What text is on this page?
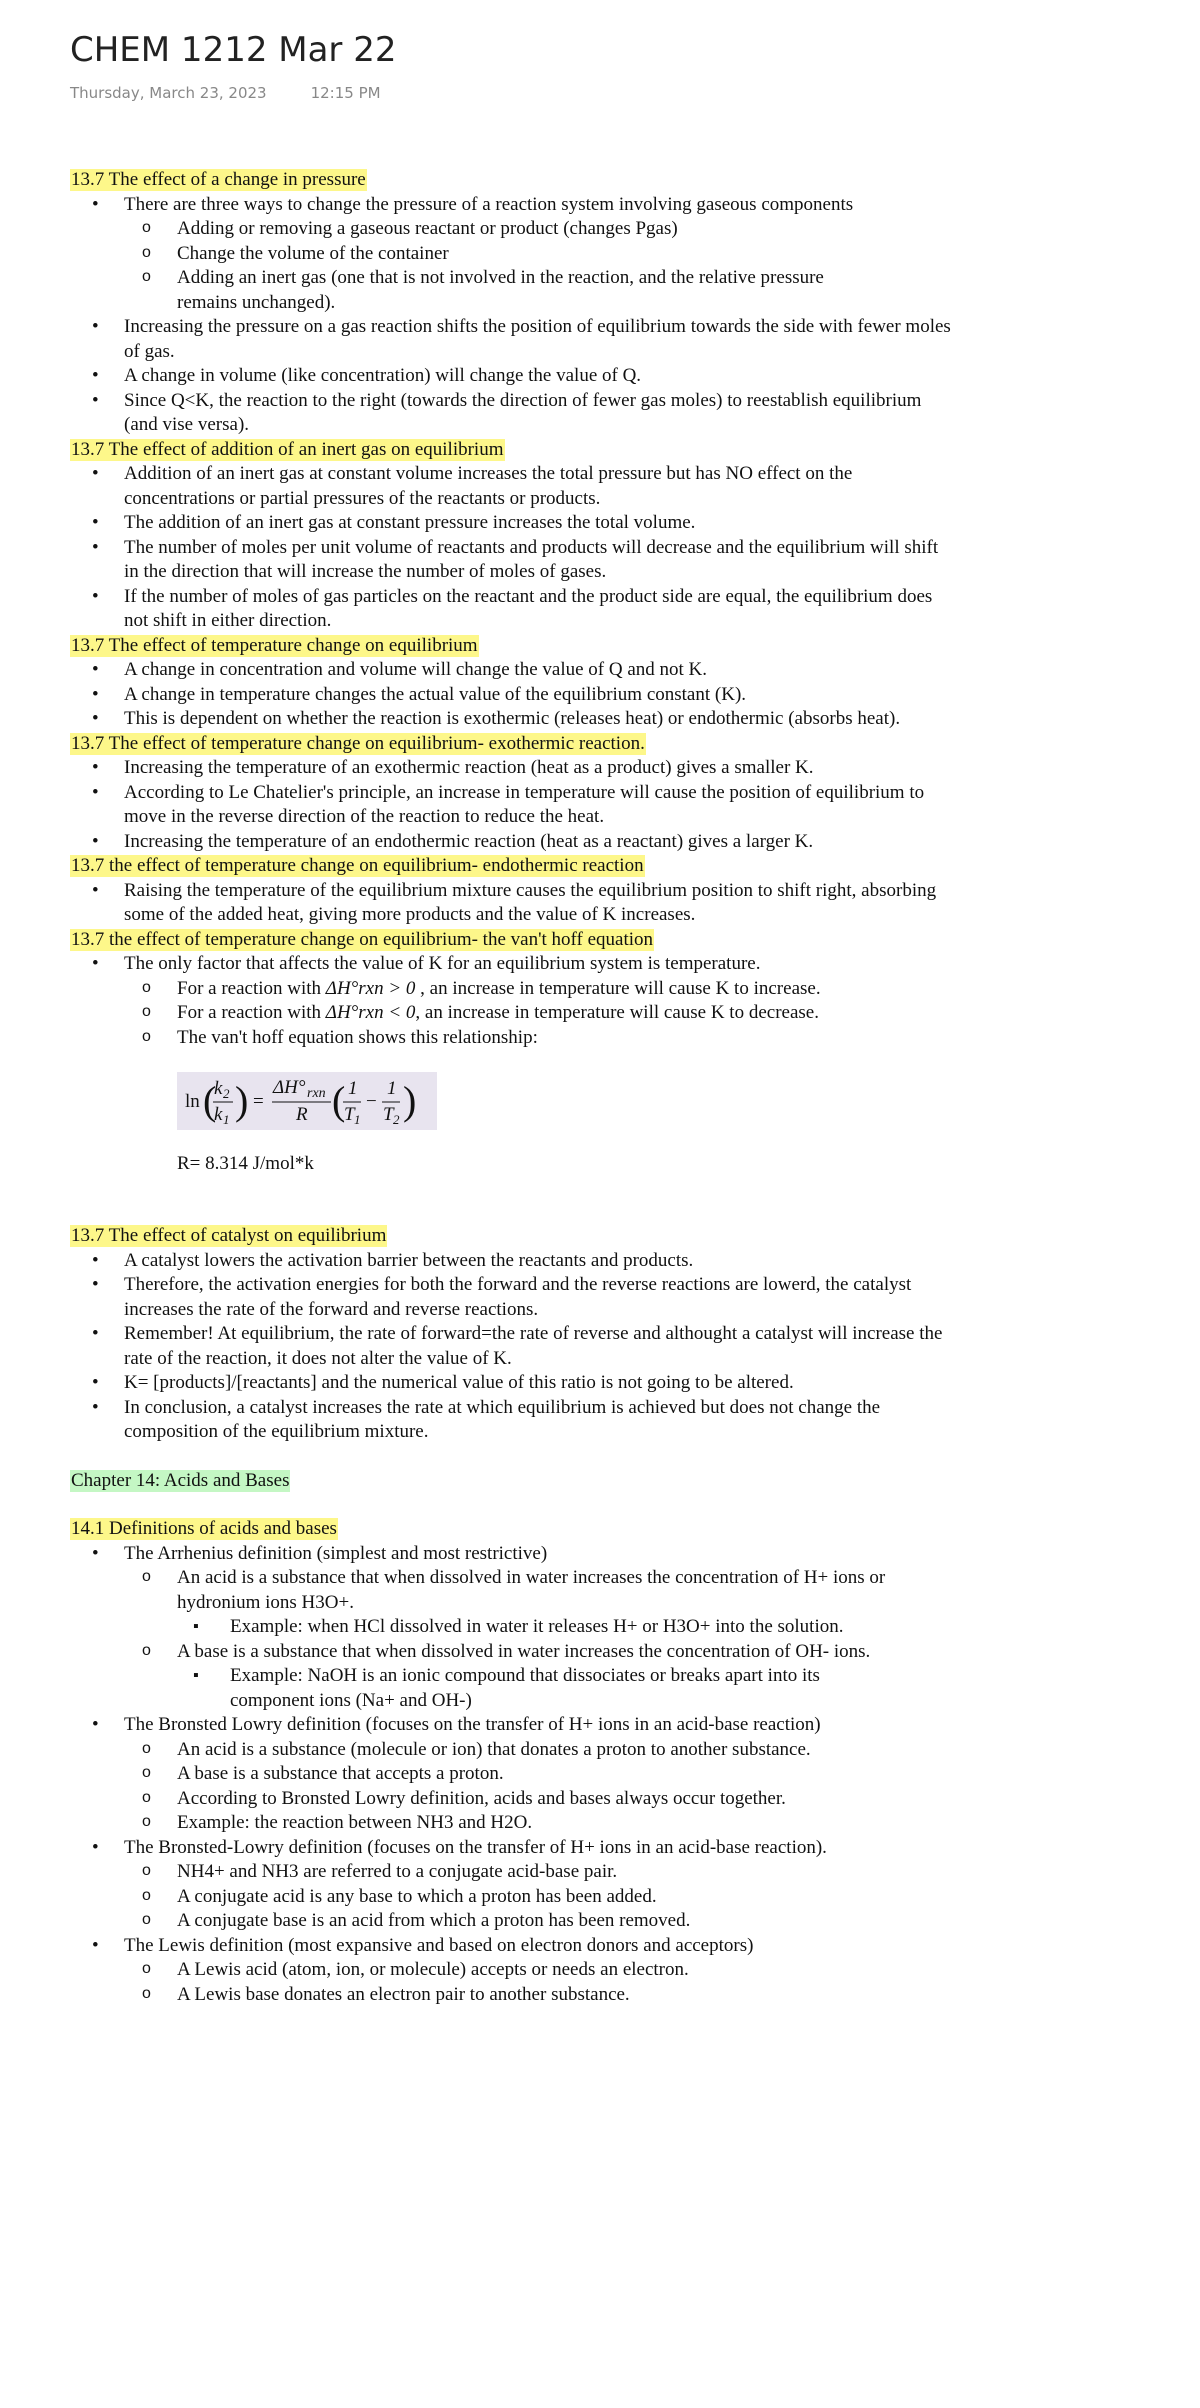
CHEM 1212 Mar 22
Thursday, March 23, 2023	12:15 PM
13.7 The effect of a change in pressure
• There are three ways to change the pressure of a reaction system involving gaseous components
o Adding or removing a gaseous reactant or product (changes Pgas)
o Change the volume of the container
o Adding an inert gas (one that is not involved in the reaction, and the relative pressure remains unchanged).
• Increasing the pressure on a gas reaction shifts the position of equilibrium towards the side with fewer moles of gas.
• A change in volume (like concentration) will change the value of Q.
• Since Q<K, the reaction to the right (towards the direction of fewer gas moles) to reestablish equilibrium (and vise versa).
13.7 The effect of addition of an inert gas on equilibrium
• Addition of an inert gas at constant volume increases the total pressure but has NO effect on the concentrations or partial pressures of the reactants or products.
• The addition of an inert gas at constant pressure increases the total volume.
• The number of moles per unit volume of reactants and products will decrease and the equilibrium will shift in the direction that will increase the number of moles of gases.
• If the number of moles of gas particles on the reactant and the product side are equal, the equilibrium does not shift in either direction.
13.7 The effect of temperature change on equilibrium
• A change in concentration and volume will change the value of Q and not K.
• A change in temperature changes the actual value of the equilibrium constant (K).
• This is dependent on whether the reaction is exothermic (releases heat) or endothermic (absorbs heat).
13.7 The effect of temperature change on equilibrium- exothermic reaction.
• Increasing the temperature of an exothermic reaction (heat as a product) gives a smaller K.
• According to Le Chatelier's principle, an increase in temperature will cause the position of equilibrium to move in the reverse direction of the reaction to reduce the heat.
• Increasing the temperature of an endothermic reaction (heat as a reactant) gives a larger K.
13.7 the effect of temperature change on equilibrium- endothermic reaction
• Raising the temperature of the equilibrium mixture causes the equilibrium position to shift right, absorbing some of the added heat, giving more products and the value of K increases.
13.7 the effect of temperature change on equilibrium- the van't hoff equation
• The only factor that affects the value of K for an equilibrium system is temperature.
o For a reaction with ΔH°rxn > 0 , an increase in temperature will cause K to increase.
o For a reaction with ΔH°rxn < 0, an increase in temperature will cause K to decrease.
o The van't hoff equation shows this relationship:
ln (
k 2
k 1 ) =
ΔH° rxn
R ( 1
T 1
−
1
T 2 )
R= 8.314 J/mol*k
13.7 The effect of catalyst on equilibrium
• A catalyst lowers the activation barrier between the reactants and products.
• Therefore, the activation energies for both the forward and the reverse reactions are lowerd, the catalyst increases the rate of the forward and reverse reactions.
• Remember! At equilibrium, the rate of forward=the rate of reverse and althought a catalyst will increase the rate of the reaction, it does not alter the value of K.
• K= [products]/[reactants] and the numerical value of this ratio is not going to be altered.
• In conclusion, a catalyst increases the rate at which equilibrium is achieved but does not change the composition of the equilibrium mixture.
Chapter 14: Acids and Bases
14.1 Definitions of acids and bases
• The Arrhenius definition (simplest and most restrictive)
o An acid is a substance that when dissolved in water increases the concentration of H+ ions or hydronium ions H3O+.
▪ Example: when HCl dissolved in water it releases H+ or H3O+ into the solution.
o A base is a substance that when dissolved in water increases the concentration of OH- ions.
▪ Example: NaOH is an ionic compound that dissociates or breaks apart into its component ions (Na+ and OH-)
• The Bronsted Lowry definition (focuses on the transfer of H+ ions in an acid-base reaction)
o An acid is a substance (molecule or ion) that donates a proton to another substance.
o A base is a substance that accepts a proton.
o According to Bronsted Lowry definition, acids and bases always occur together.
o Example: the reaction between NH3 and H2O.
• The Bronsted-Lowry definition (focuses on the transfer of H+ ions in an acid-base reaction).
o NH4+ and NH3 are referred to a conjugate acid-base pair.
o A conjugate acid is any base to which a proton has been added.
o A conjugate base is an acid from which a proton has been removed.
• The Lewis definition (most expansive and based on electron donors and acceptors)
o A Lewis acid (atom, ion, or molecule) accepts or needs an electron.
o A Lewis base donates an electron pair to another substance.
